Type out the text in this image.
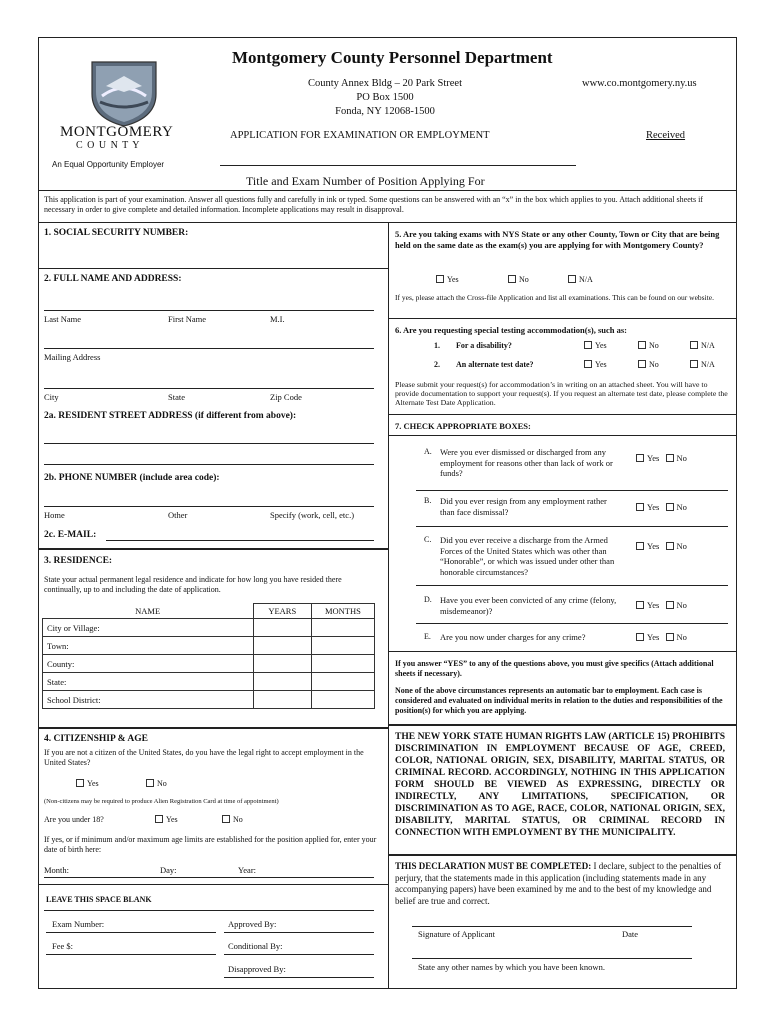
MONTGOMERY
C O U N T Y
An Equal Opportunity Employer
Montgomery County Personnel Department
County Annex Bldg – 20 Park Street
PO Box 1500
Fonda, NY 12068-1500
www.co.montgomery.ny.us
APPLICATION FOR EXAMINATION OR EMPLOYMENT	Received
Title and Exam Number of Position Applying For
This application is part of your examination. Answer all questions fully and carefully in ink or typed. Some questions can be answered with an “x” in the box which applies to you. Attach additional sheets if necessary in order to give complete and detailed information. Incomplete applications may result in disapproval.
1. SOCIAL SECURITY NUMBER:
2. FULL NAME AND ADDRESS:
Last Name	First Name	M.I.
Mailing Address
City	State	Zip Code
2a. RESIDENT STREET ADDRESS (if different from above):
2b. PHONE NUMBER (include area code):
Home	Other	Specify (work, cell, etc.)
2c. E-MAIL:
3. RESIDENCE:
State your actual permanent legal residence and indicate for how long you have resided there continually, up to and including the date of application.
NAME	YEARS	MONTHS
City or Village:		
Town:		
County:		
State:		
School District:		
4. CITIZENSHIP & AGE
If you are not a citizen of the United States, do you have the legal right to accept employment in the United States?
Yes	No
(Non-citizens may be required to produce Alien Registration Card at time of appointment)
Are you under 18?	Yes	No
If yes, or if minimum and/or maximum age limits are established for the position applied for, enter your date of birth here:
Month:	Day:	Year:
LEAVE THIS SPACE BLANK
Exam Number:
Fee $:
Approved By:
Conditional By:
Disapproved By:
5. Are you taking exams with NYS State or any other County, Town or City that are being held on the same date as the exam(s) you are applying for with Montgomery County?
Yes	No	N/A
If yes, please attach the Cross-file Application and list all examinations. This can be found on our website.
6. Are you requesting special testing accommodation(s), such as:
1. For a disability?
2. An alternate test date?
Yes	No	N/A
Yes	No	N/A
Please submit your request(s) for accommodation’s in writing on an attached sheet. You will have to provide documentation to support your request(s). If you request an alternate test date, please complete the Alternate Test Date Application.
7. CHECK APPROPRIATE BOXES:
A. Were you ever dismissed or discharged from any employment for reasons other than lack of work or funds?
Yes No
B. Did you ever resign from any employment rather than face dismissal?	Yes No
C. Did you ever receive a discharge from the Armed Forces of the United States which was other than “Honorable”, or which was issued under other than honorable circumstances?
Yes No
D. Have you ever been convicted of any crime (felony, misdemeanor)?
Yes No
E. Are you now under charges for any crime?	Yes No
If you answer “YES” to any of the questions above, you must give specifics (Attach additional sheets if necessary).
None of the above circumstances represents an automatic bar to employment. Each case is considered and evaluated on individual merits in relation to the duties and responsibilities of the position(s) for which you are applying.
THE NEW YORK STATE HUMAN RIGHTS LAW (ARTICLE 15) PROHIBITS DISCRIMINATION IN EMPLOYMENT BECAUSE OF AGE, CREED, COLOR, NATIONAL ORIGIN, SEX, DISABILITY, MARITAL STATUS, OR CRIMINAL RECORD. ACCORDINGLY, NOTHING IN THIS APPLICATION FORM SHOULD BE VIEWED AS EXPRESSING, DIRECTLY OR INDIRECTLY, ANY LIMITATIONS, SPECIFICATION, OR DISCRIMINATION AS TO AGE, RACE, COLOR, NATIONAL ORIGIN, SEX, DISABILITY, MARITAL STATUS, OR CRIMINAL RECORD IN CONNECTION WITH EMPLOYMENT BY THE MUNICIPALITY.
THIS DECLARATION MUST BE COMPLETED: I declare, subject to the penalties of perjury, that the statements made in this application (including statements made in any accompanying papers) have been examined by me and to the best of my knowledge and belief are true and correct.
Signature of Applicant	Date
State any other names by which you have been known.
